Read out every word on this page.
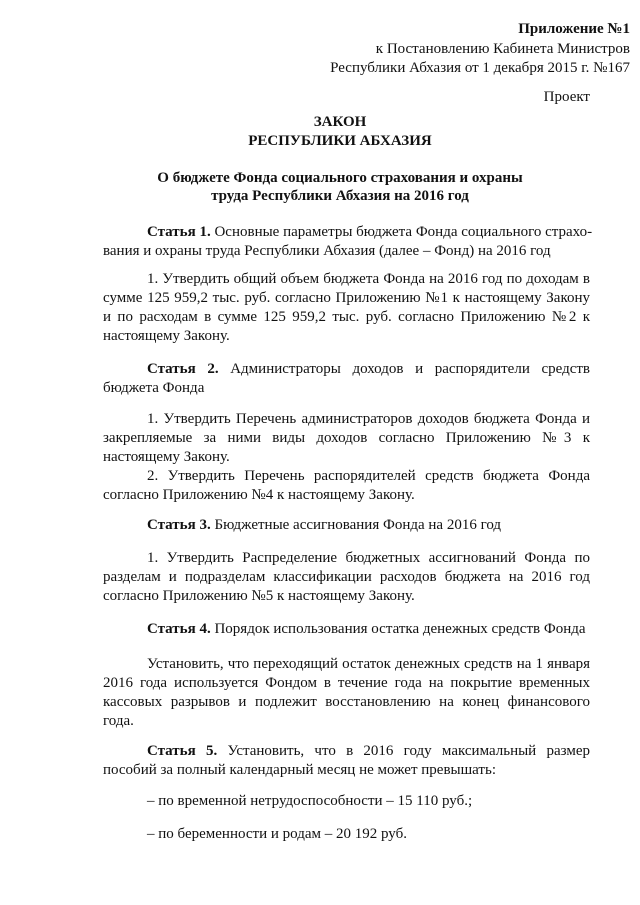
Приложение №1
к Постановлению Кабинета Министров
Республики Абхазия от 1 декабря 2015 г. №167
Проект
ЗАКОН
РЕСПУБЛИКИ АБХАЗИЯ
О бюджете Фонда социального страхования и охраны
труда Республики Абхазия на 2016 год
Статья 1. Основные параметры бюджета Фонда социального страхо-
вания и охраны труда Республики Абхазия (далее – Фонд) на 2016 год
1. Утвердить общий объем бюджета Фонда на 2016 год по доходам в
сумме 125 959,2 тыс. руб. согласно Приложению №1 к настоящему Закону
и по расходам в сумме 125 959,2 тыс. руб. согласно Приложению №2 к
настоящему Закону.
Статья 2. Администраторы доходов и распорядители средств
бюджета Фонда
1. Утвердить Перечень администраторов доходов бюджета Фонда и
закрепляемые за ними виды доходов согласно Приложению №3 к
настоящему Закону.
2. Утвердить Перечень распорядителей средств бюджета Фонда
согласно Приложению №4 к настоящему Закону.
Статья 3. Бюджетные ассигнования Фонда на 2016 год
1. Утвердить Распределение бюджетных ассигнований Фонда по
разделам и подразделам классификации расходов бюджета на 2016 год
согласно Приложению №5 к настоящему Закону.
Статья 4. Порядок использования остатка денежных средств Фонда
Установить, что переходящий остаток денежных средств на 1 января
2016 года используется Фондом в течение года на покрытие временных
кассовых разрывов и подлежит восстановлению на конец финансового
года.
Статья 5. Установить, что в 2016 году максимальный размер
пособий за полный календарный месяц не может превышать:
– по временной нетрудоспособности – 15 110 руб.;
– по беременности и родам – 20 192 руб.
